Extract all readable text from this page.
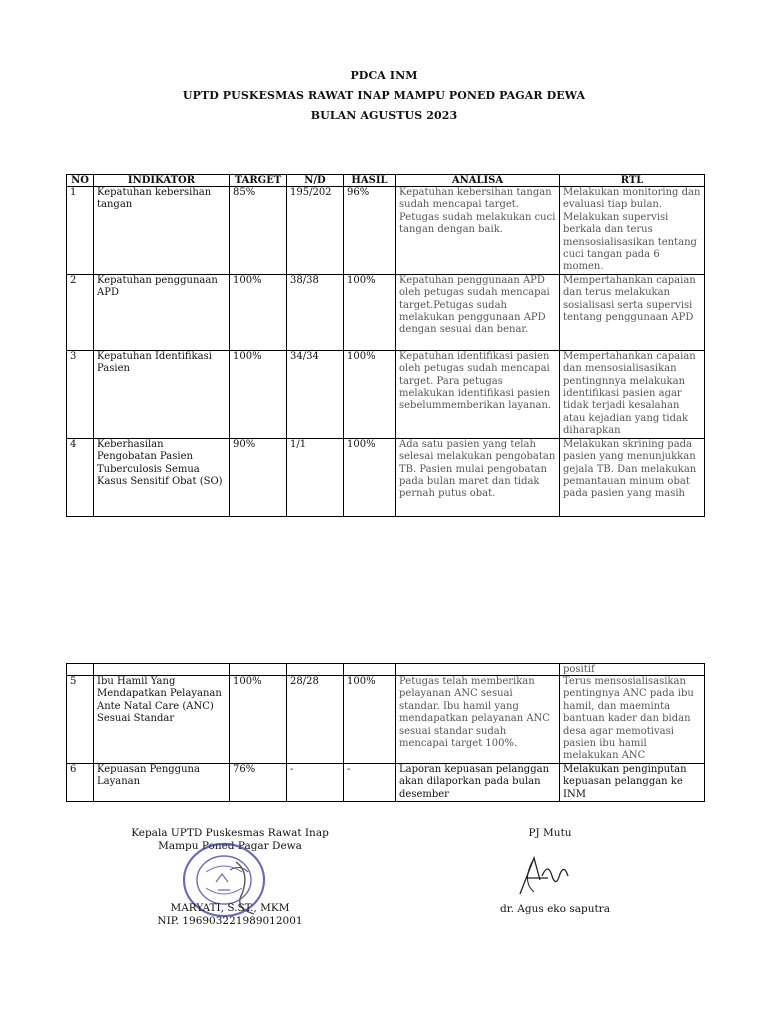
PDCA INM
UPTD PUSKESMAS RAWAT INAP MAMPU PONED PAGAR DEWA
BULAN AGUSTUS 2023
NO	INDIKATOR	TARGET	N/D	HASIL	ANALISA	RTL
1	Kepatuhan kebersihan tangan	85%	195/202	96%	Kepatuhan kebersihan tangan sudah mencapai target. Petugas sudah melakukan cuci tangan dengan baik.	Melakukan monitoring dan evaluasi tiap bulan. Melakukan supervisi berkala dan terus mensosialisasikan tentang cuci tangan pada 6 momen.
2	Kepatuhan penggunaan APD	100%	38/38	100%	Kepatuhan penggunaan APD oleh petugas sudah mencapai target.Petugas sudah melakukan penggunaan APD dengan sesuai dan benar.	Mempertahankan capaian dan terus melakukan sosialisasi serta supervisi tentang penggunaan APD
3	Kepatuhan Identifikasi Pasien	100%	34/34	100%	Kepatuhan identifikasi pasien oleh petugas sudah mencapai target. Para petugas melakukan identifikasi pasien sebelummemberikan layanan.	Mempertahankan capaian dan mensosialisasikan pentingnnya melakukan identifikasi pasien agar tidak terjadi kesalahan atau kejadian yang tidak diharapkan
4	Keberhasilan Pengobatan Pasien Tuberculosis Semua Kasus Sensitif Obat (SO)	90%	1/1	100%	Ada satu pasien yang telah selesai melakukan pengobatan TB. Pasien mulai pengobatan pada bulan maret dan tidak pernah putus obat.	Melakukan skrining pada pasien yang menunjukkan gejala TB. Dan melakukan pemantauan minum obat pada pasien yang masih
						positif
5	Ibu Hamil Yang Mendapatkan Pelayanan Ante Natal Care (ANC) Sesuai Standar	100%	28/28	100%	Petugas telah memberikan pelayanan ANC sesuai standar. Ibu hamil yang mendapatkan pelayanan ANC sesuai standar sudah mencapai target 100%.	Terus mensosialisasikan pentingnya ANC pada ibu hamil, dan maeminta bantuan kader dan bidan desa agar memotivasi pasien ibu hamil melakukan ANC
6	Kepuasan Pengguna Layanan	76%	-	-	Laporan kepuasan pelanggan akan dilaporkan pada bulan desember	Melakukan penginputan kepuasan pelanggan ke INM
Kepala UPTD Puskesmas Rawat Inap
Mampu Poned Pagar Dewa
MARYATI, S.ST., MKM
NIP. 196903221989012001
PJ Mutu
dr. Agus eko saputra
